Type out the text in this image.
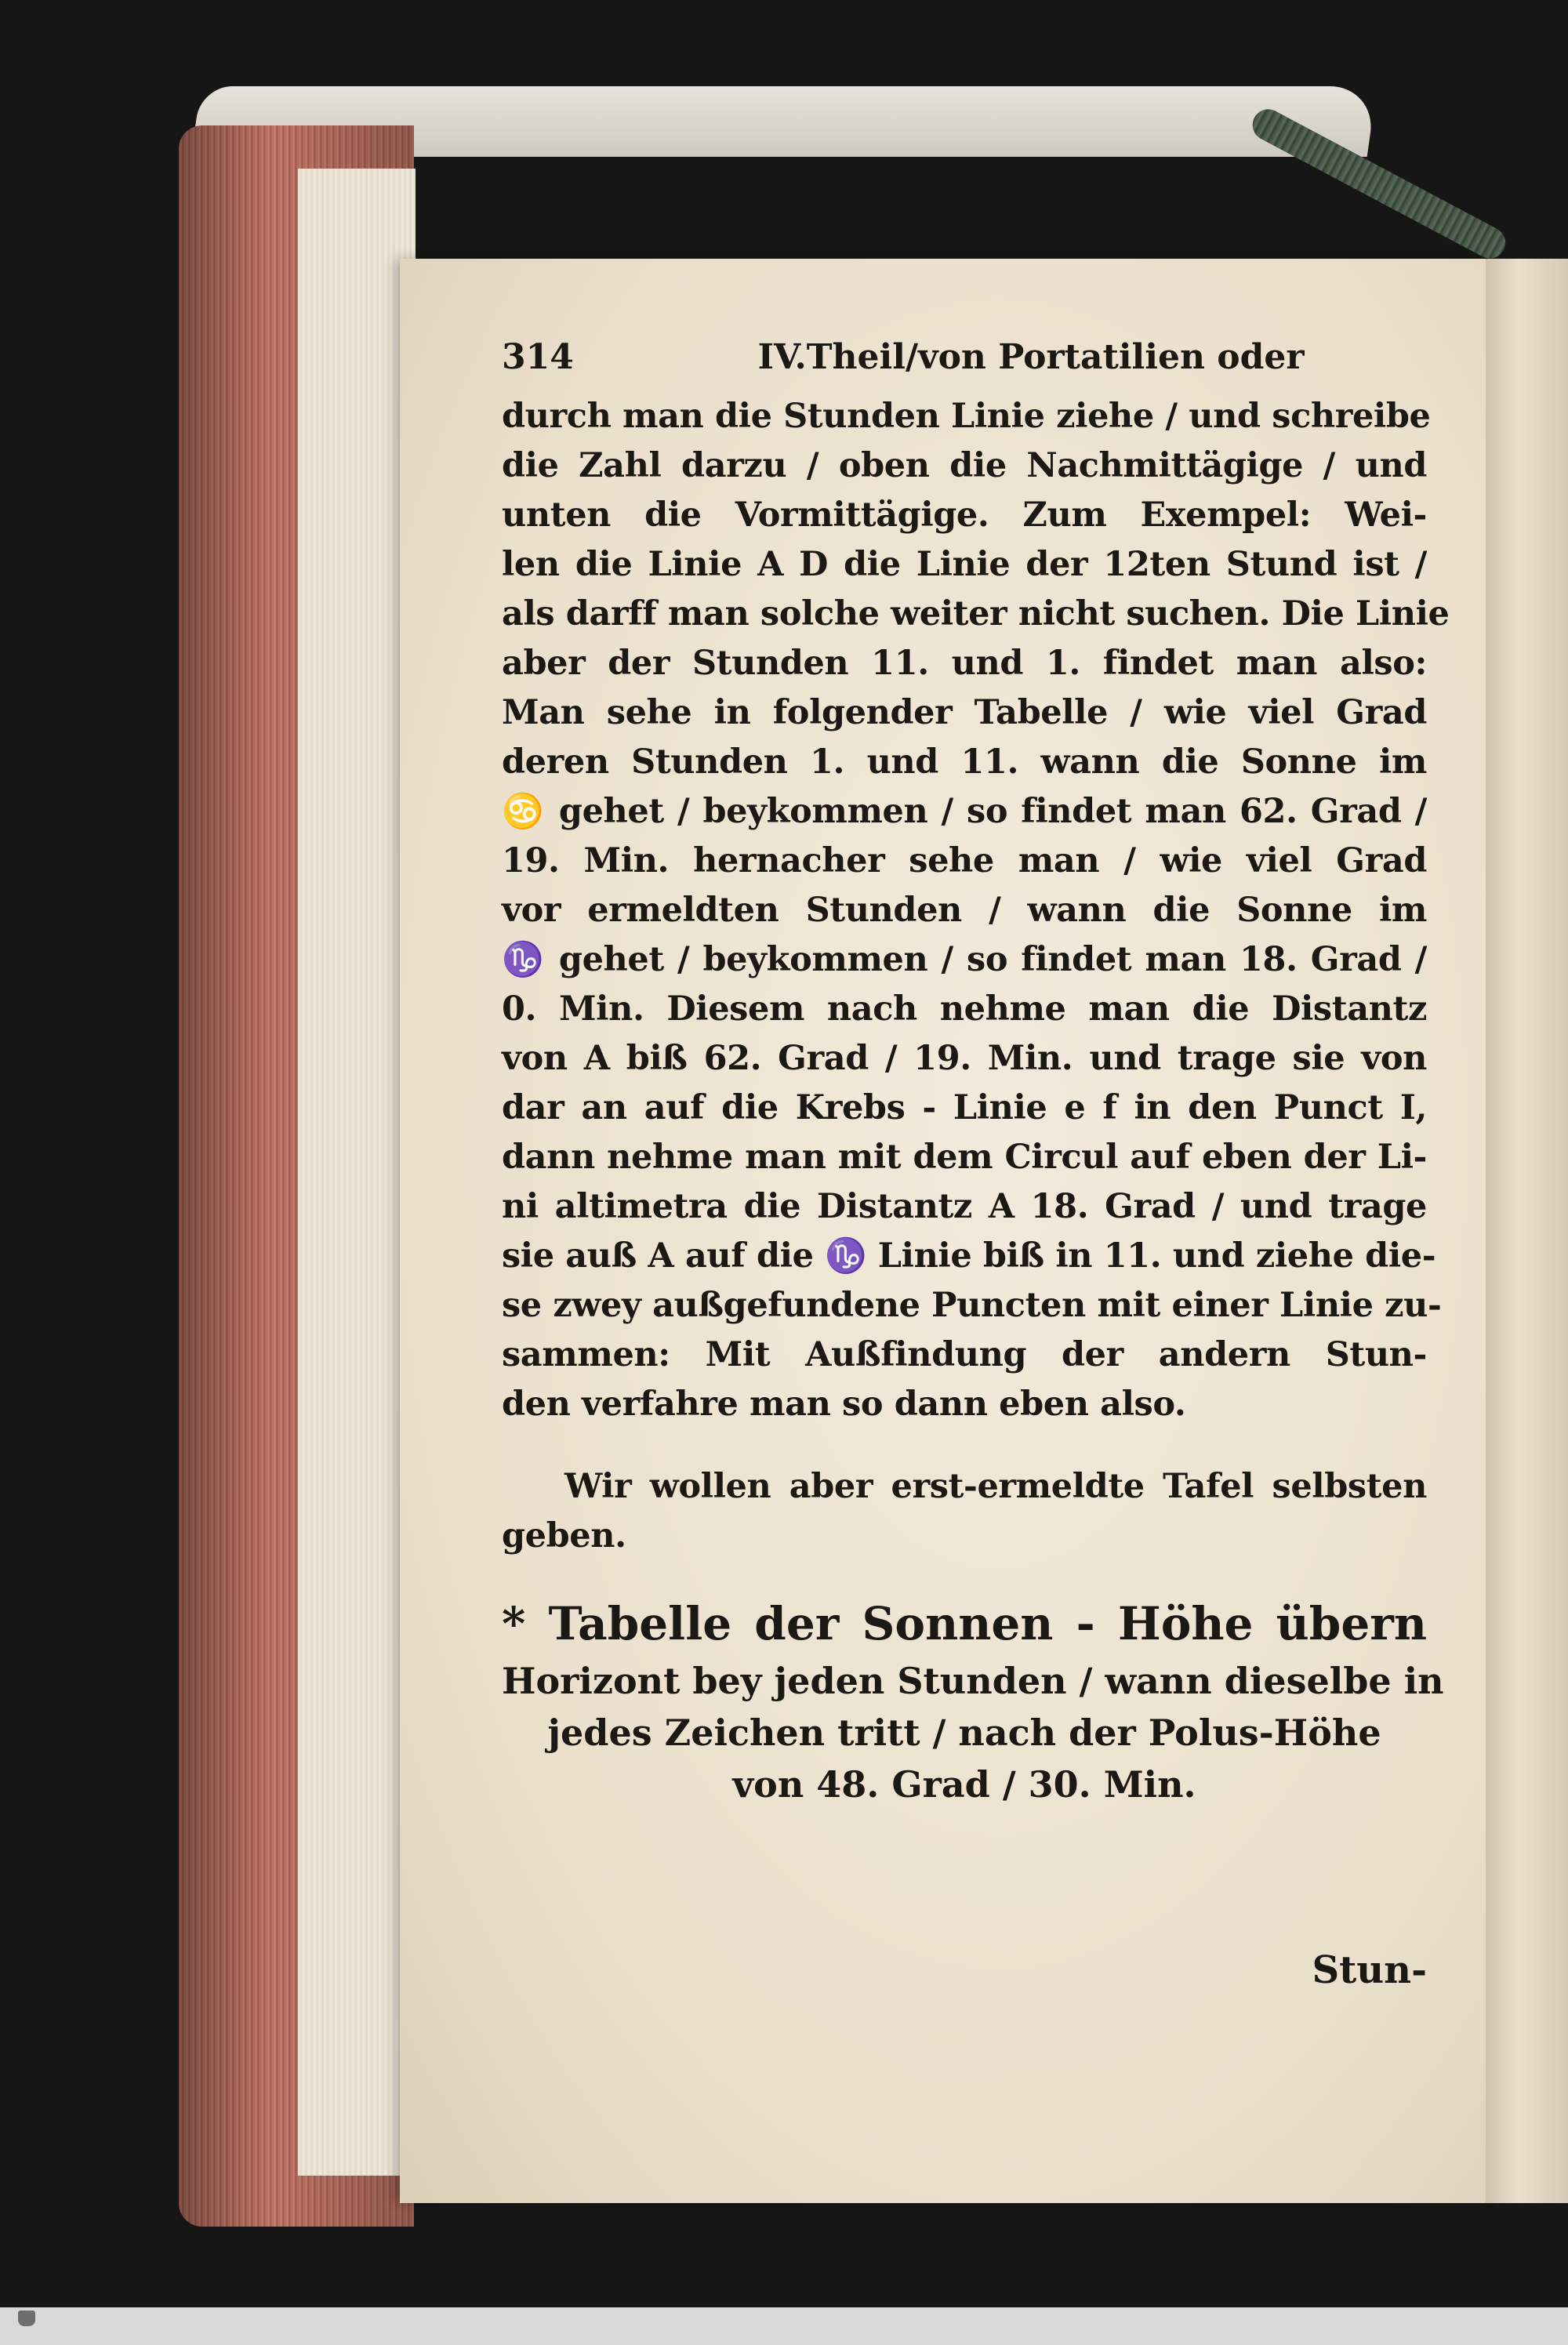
314	IV.Theil/von Portatilien oder
durch man die Stunden Linie ziehe / und schreibe
die Zahl darzu / oben die Nachmittägige / und
unten die Vormittägige. Zum Exempel: Wei-
len die Linie A D die Linie der 12ten Stund ist /
als darff man solche weiter nicht suchen. Die Linie
aber der Stunden 11. und 1. findet man also:
Man sehe in folgender Tabelle / wie viel Grad
deren Stunden 1. und 11. wann die Sonne im
♋ gehet / beykommen / so findet man 62. Grad /
19. Min. hernacher sehe man / wie viel Grad
vor ermeldten Stunden / wann die Sonne im
♑ gehet / beykommen / so findet man 18. Grad /
0. Min. Diesem nach nehme man die Distantz
von A biß 62. Grad / 19. Min. und trage sie von
dar an auf die Krebs - Linie e f in den Punct I,
dann nehme man mit dem Circul auf eben der Li-
ni altimetra die Distantz A 18. Grad / und trage
sie auß A auf die ♑ Linie biß in 11. und ziehe die-
se zwey außgefundene Puncten mit einer Linie zu-
sammen: Mit Außfindung der andern Stun-
den verfahre man so dann eben also.
Wir wollen aber erst-ermeldte Tafel selbsten
geben.
* Tabelle der Sonnen - Höhe übern
Horizont bey jeden Stunden / wann dieselbe in
jedes Zeichen tritt / nach der Polus-Höhe
von 48. Grad / 30. Min.
Stun-
